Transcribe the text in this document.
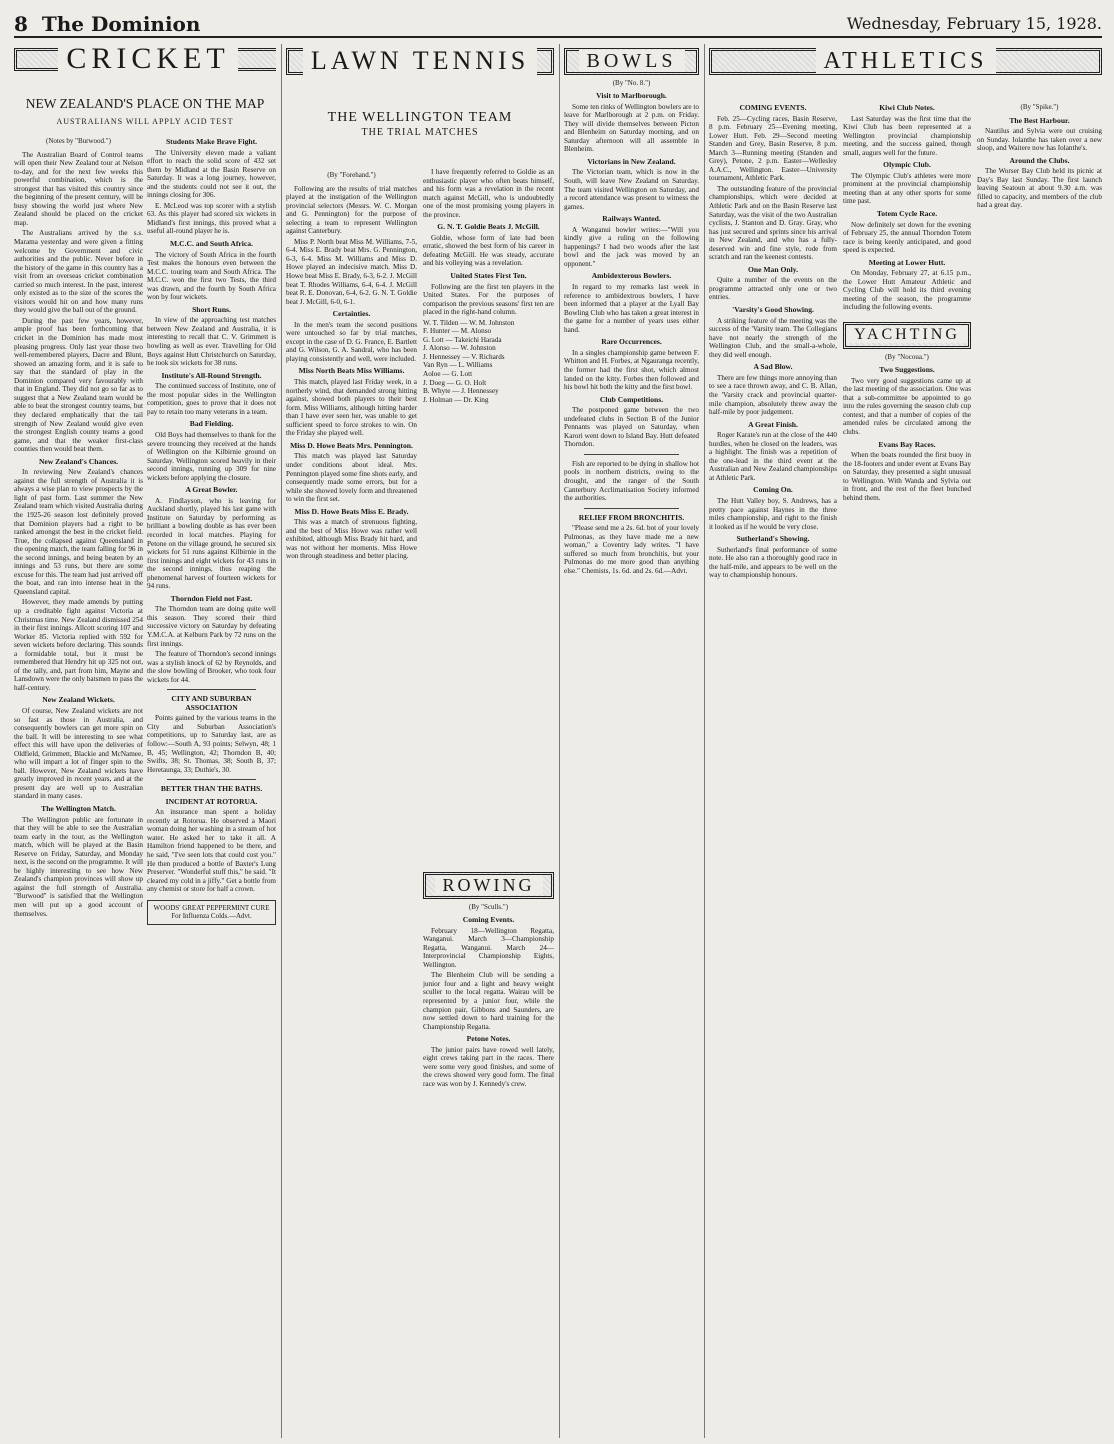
8 The Dominion	Wednesday, February 15, 1928.
CRICKET
NEW ZEALAND'S PLACE ON THE MAP
AUSTRALIANS WILL APPLY ACID TEST
(Notes by "Burwood.")

The Australian Board of Control teams will open their New Zealand tour at Nelson to-day, and for the next few weeks this powerful combination, which is the strongest that has visited this country since the beginning of the present century, will be busy showing the world just where New Zealand should be placed on the cricket map.

The Australians arrived by the s.s. Marama yesterday and were given a fitting welcome by Government and civic authorities and the public. Never before in the history of the game in this country has a visit from an overseas cricket combination carried so much interest. In the past, interest only existed as to the size of the scores the visitors would hit on and how many runs they would give the ball out of the ground.

During the past few years, however, ample proof has been forthcoming that cricket in the Dominion has made most pleasing progress. Only last year those two well-remembered players, Dacre and Blunt, showed an amazing form, and it is safe to say that the standard of play in the Dominion compared very favourably with that in England. They did not go so far as to suggest that a New Zealand team would be able to beat the strongest country teams, but they declared emphatically that the tail strength of New Zealand would give even the strongest English county teams a good game, and that the weaker first-class counties then would beat them.

New Zealand's Chances.

In reviewing New Zealand's chances against the full strength of Australia it is always a wise plan to view prospects by the light of past form. Last summer the New Zealand team which visited Australia during the 1925-26 season lost definitely proved that Dominion players had a right to be ranked amongst the best in the cricket field. True, the collapsed against Queensland in the opening match, the team falling for 96 in the second innings, and being beaten by an innings and 53 runs, but there are some excuse for this. The team had just arrived off the boat, and ran into intense heat in the Queensland capital.

However, they made amends by putting up a creditable fight against Victoria at Christmas time. New Zealand dismissed 254 in their first innings. Allcott scoring 107 and Worker 85. Victoria replied with 592 for seven wickets before declaring. This sounds a formidable total, but it must be remembered that Hendry hit up 325 not out, of the tally, and, part from him, Mayne and Lansdown were the only batsmen to pass the half-century.

New Zealand Wickets.

Of course, New Zealand wickets are not so fast as those in Australia, and consequently bowlers can get more spin on the ball. It will be interesting to see what effect this will have upon the deliveries of Oldfield, Grimmett, Blackie and McNamee, who will impart a lot of finger spin to the ball. However, New Zealand wickets have greatly improved in recent years, and at the present day are well up to Australian standard in many cases.

The Wellington Match.

The Wellington public are fortunate in that they will be able to see the Australian team early in the tour, as the Wellington match, which will be played at the Basin Reserve on Friday, Saturday, and Monday next, is the second on the programme. It will be highly interesting to see how New Zealand's champion provinces will show up against the full strength of Australia. "Burwood" is satisfied that the Wellington men will put up a good account of themselves.

Students Make Brave Fight.

The University eleven made a valiant effort to reach the solid score of 432 set them by Midland at the Basin Reserve on Saturday. It was a long journey, however, and the students could not see it out, the innings closing for 306.

E. McLeod was top scorer with a stylish 63. As this player had scored six wickets in Midland's first innings, this proved what a useful all-round player he is.

M.C.C. and South Africa.

The victory of South Africa in the fourth Test makes the honours even between the M.C.C. touring team and South Africa. The M.C.C. won the first two Tests, the third was drawn, and the fourth by South Africa won by four wickets.

Short Runs.

In view of the approaching test matches between New Zealand and Australia, it is interesting to recall that C. V. Grimmett is bowling as well as ever. Travelling for Old Boys against Hutt Christchurch on Saturday, he took six wickets for 38 runs.

Institute's All-Round Strength.

The continued success of Institute, one of the most popular sides in the Wellington competition, goes to prove that it does not pay to retain too many veterans in a team.

Bad Fielding.

Old Boys had themselves to thank for the severe trouncing they received at the hands of Wellington on the Kilbirnie ground on Saturday. Wellington scored heavily in their second innings, running up 309 for nine wickets before applying the closure.

A Great Bowler.

A. Findlayson, who is leaving for Auckland shortly, played his last game with Institute on Saturday by performing as brilliant a bowling double as has ever been recorded in local matches. Playing for Petone on the village ground, he secured six wickets for 51 runs against Kilbirnie in the first innings and eight wickets for 43 runs in the second innings, thus reaping the phenomenal harvest of fourteen wickets for 94 runs.

Thorndon Field not Fast.

The Thorndon team are doing quite well this season. They scored their third successive victory on Saturday by defeating Y.M.C.A. at Kelburn Park by 72 runs on the first innings.

The feature of Thorndon's second innings was a stylish knock of 62 by Reynolds, and the slow bowling of Brooker, who took four wickets for 44.

CITY AND SUBURBAN ASSOCIATION

Points gained by the various teams in the City and Suburban Association's competitions, up to Saturday last, are as follow:—South A, 93 points; Selwyn, 48; 1 B, 45; Wellington, 42; Thorndon B, 40; Swifts, 38; St. Thomas, 38; South B, 37; Heretaunga, 33; Duthie's, 30.

BETTER THAN THE BATHS.
INCIDENT AT ROTORUA.

An insurance man spent a holiday recently at Rotorua. He observed a Maori woman doing her washing in a stream of hot water. He asked her to take it all. A Hamilton friend happened to be there, and he said, "I've seen lots that could cost you." He then produced a bottle of Baxter's Lung Preserver. "Wonderful stuff this," he said. "It cleared my cold in a jiffy." Get a bottle from any chemist or store for half a crown.

WOODS' GREAT PEPPERMINT CURE For Influenza Colds.—Advt.
LAWN TENNIS
THE WELLINGTON TEAM
THE TRIAL MATCHES
(By "Forehand.")

Following are the results of trial matches played at the instigation of the Wellington provincial selectors (Messrs. W. C. Morgan and G. Pennington) for the purpose of selecting a team to represent Wellington against Canterbury.

Miss P. North beat Miss M. Williams, 7-5, 6-4. Miss E. Brady beat Mrs. G. Pennington, 6-3, 6-4. Miss M. Williams and Miss D. Howe played an indecisive match. Miss D. Howe beat Miss E. Brady, 6-3, 6-2. J. McGill beat T. Rhodes Williams, 6-4, 6-4. J. McGill beat R. E. Donovan, 6-4, 6-2. G. N. T. Goldie beat J. McGill, 6-0, 6-1.

Certainties.

In the men's team the second positions were untouched so far by trial matches, except in the case of D. G. France, E. Bartlett and G. Wilson, G. A. Sandral, who has been playing consistently and well, were included.

Miss North Beats Miss Williams.

This match, played last Friday week, in a northerly wind, that demanded strong hitting against, showed both players to their best form. Miss Williams, although hitting harder than I have ever seen her, was unable to get sufficient speed to force strokes to win. On the Friday she played well.

Miss D. Howe Beats Mrs. Pennington.

This match was played last Saturday under conditions about ideal. Mrs. Pennington played some fine shots early, and consequently made some errors, but for a while she showed lovely form and threatened to win the first set.

Miss D. Howe Beats Miss E. Brady.

This was a match of strenuous fighting, and the best of Miss Howe was rather well exhibited, although Miss Brady hit hard, and was not without her moments. Miss Howe won through steadiness and better placing.

I have frequently referred to Goldie as an enthusiastic player who often beats himself, and his form was a revelation in the recent match against McGill, who is undoubtedly one of the most promising young players in the province.

G. N. T. Goldie Beats J. McGill.

Goldie, whose form of late had been erratic, showed the best form of his career in defeating McGill. He was steady, accurate and his volleying was a revelation.

United States First Ten.

Following are the first ten players in the United States. For the purposes of comparison the previous seasons' first ten are placed in the right-hand column.

W. T. Tilden — W. M. Johnston
F. Hunter — M. Alonso
G. Lott — Takeichi Harada
J. Alonso — W. Johnston
J. Hennessey — V. Richards
Van Ryn — L. Williams
Aoloe — G. Lott
J. Doeg — G. O. Holt
B. Whyte — J. Hennessey
J. Holman — Dr. King
ROWING
(By "Sculls.")
Coming Events.

February 18—Wellington Regatta, Wanganui. March 3—Championship Regatta, Wanganui. March 24—Interprovincial Championship Eights, Wellington.

The Blenheim Club will be sending a junior four and a light and heavy weight sculler to the local regatta. Wairau will be represented by a junior four, while the champion pair, Gibbons and Saunders, are now settled down to hard training for the Championship Regatta.

Petone Notes.

The junior pairs have rowed well lately, eight crews taking part in the races. There were some very good finishes, and some of the crews showed very good form. The final race was won by J. Kennedy's crew.

BOWLS
(By "No. 8.")
Visit to Marlborough.

Some ten rinks of Wellington bowlers are to leave for Marlborough at 2 p.m. on Friday. They will divide themselves between Picton and Blenheim on Saturday morning, and on Saturday afternoon will all assemble in Blenheim.

Victorians in New Zealand.

The Victorian team, which is now in the South, will leave New Zealand on Saturday. The team visited Wellington on Saturday, and a record attendance was present to witness the games.

Railways Wanted.

A Wanganui bowler writes:—"Will you kindly give a ruling on the following happenings? I had two woods after the last bowl and the jack was moved by an opponent."

Ambidexterous Bowlers.

In regard to my remarks last week in reference to ambidextrous bowlers, I have been informed that a player at the Lyall Bay Bowling Club who has taken a great interest in the game for a number of years uses either hand.

Rare Occurrences.

In a singles championship game between F. Whitton and H. Forbes, at Ngauranga recently, the former had the first shot, which almost landed on the kitty. Forbes then followed and his bowl hit both the kitty and the first bowl.

Club Competitions.

The postponed game between the two undefeated clubs in Section B of the Junior Pennants was played on Saturday, when Karori went down to Island Bay. Hutt defeated Thorndon.

Fish are reported to be dying in shallow hot pools in northern districts, owing to the drought, and the ranger of the South Canterbury Acclimatisation Society informed the authorities.

RELIEF FROM BRONCHITIS.

"Please send me a 2s. 6d. bot of your lovely Pulmonas, as they have made me a new woman," a Coventry lady writes. "I have suffered so much from bronchitis, but your Pulmonas do me more good than anything else." Chemists, 1s. 6d. and 2s. 6d.—Advt.

ATHLETICS
COMING EVENTS.

Feb. 25—Cycling races, Basin Reserve, 8 p.m. February 25—Evening meeting, Lower Hutt. Feb. 29—Second meeting Standen and Grey, Basin Reserve, 8 p.m. March 3—Running meeting (Standen and Grey), Petone, 2 p.m. Easter—Wellesley A.A.C., Wellington. Easter—University tournament, Athletic Park.

The outstanding feature of the provincial championships, which were decided at Athletic Park and on the Basin Reserve last Saturday, was the visit of the two Australian cyclists, J. Stanton and D. Gray. Gray, who has just secured and sprints since his arrival in New Zealand, and who has a fully-deserved win and fine style, rode from scratch and ran the keenest contests.

One Man Only.

Quite a number of the events on the programme attracted only one or two entries.

'Varsity's Good Showing.

A striking feature of the meeting was the success of the 'Varsity team. The Collegians have not nearly the strength of the Wellington Club, and the small-a-whole, they did well enough.

A Sad Blow.

There are few things more annoying than to see a race thrown away, and C. B. Allan, the 'Varsity crack and provincial quarter-mile champion, absolutely threw away the half-mile by poor judgement.

A Great Finish.

Roger Karate's run at the close of the 440 hurdles, when he closed on the leaders, was a highlight. The finish was a repetition of the one-lead in the third event at the Australian and New Zealand championships at Athletic Park.

Coming On.

The Hutt Valley boy, S. Andrews, has a pretty pace against Haynes in the three miles championship, and right to the finish it looked as if he would be very close.

Sutherland's Showing.

Sutherland's final performance of some note. He also ran a thoroughly good race in the half-mile, and appears to be well on the way to championship honours.

Kiwi Club Notes.

Last Saturday was the first time that the Kiwi Club has been represented at a Wellington provincial championship meeting, and the success gained, though small, augurs well for the future.

Olympic Club.

The Olympic Club's athletes were more prominent at the provincial championship meeting than at any other sports for some time past.

Totem Cycle Race.

Now definitely set down for the evening of February 25, the annual Thorndon Totem race is being keenly anticipated, and good speed is expected.

Meeting at Lower Hutt.

On Monday, February 27, at 6.15 p.m., the Lower Hutt Amateur Athletic and Cycling Club will hold its third evening meeting of the season, the programme including the following events.

YACHTING
(By "Nocoua.")
Two Suggestions.

Two very good suggestions came up at the last meeting of the association. One was that a sub-committee be appointed to go into the rules governing the season club cup contest, and that a number of copies of the amended rules be circulated among the clubs.

Evans Bay Races.

When the boats rounded the first buoy in the 18-footers and under event at Evans Bay on Saturday, they presented a sight unusual to Wellington. With Wanda and Sylvia out in front, and the rest of the fleet bunched behind them.

(By "Spike.")
The Best Harbour.

Nautilus and Sylvia were out cruising on Sunday. Iolanthe has taken over a new sloop, and Waitere now has Iolanthe's.

Around the Clubs.

The Worser Bay Club held its picnic at Day's Bay last Sunday. The first launch leaving Seatoun at about 9.30 a.m. was filled to capacity, and members of the club had a great day.
